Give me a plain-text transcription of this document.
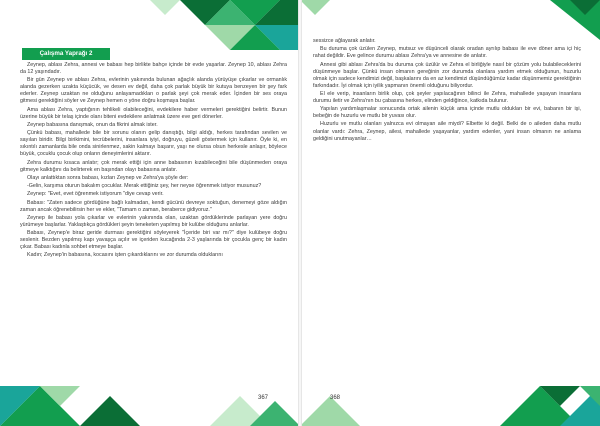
Çalışma Yaprağı 2

Zeynep, ablası Zehra, annesi ve babası hep birlikte bahçe içinde bir evde yaşarlar. Zeynep 10, ablası Zehra da 12 yaşındadır.

Bir gün Zeynep ve ablası Zehra, evlerinin yakınında bulunan ağaçlık alanda yürüyüşe çıkarlar ve ormanlık alanda gezerken uzakta küçücük, ve desen ev değil, daha çok parlak büyük bir kutuya benzeyen bir şey fark ederler. Zeynep uzaktan ne olduğunu anlayamadıkları o parlak şeyi çok merak eder. İçinden bir ses oraya gitmesi gerektiğini söyler ve Zeynep hemen o yöne doğru koşmaya başlar.

Ama ablası Zehra, yaptığının tehlikeli olabileceğini, evdekilere haber vermeleri gerektiğini belirtir. Bunun üzerine büyük bir telaş içinde olanı biteni evdekilere anlatmak üzere eve geri dönerler.

Zeynep babasına danışmak, onun da fikrini almak ister.

Çünkü babası, mahallede bile bir sorunu olanın gelip danıştığı, bilgi aldığı, herkes tarafından sevilen ve sayılan biridir. Bilgi birikimini, tecrübelerini, insanlara iyiyi, doğruyu, güzeli göstermek için kullanır. Öyle ki, en sıkıntılı zamanlarda bile onda sinirlenmez, sakin kalmayı başarır, yaşı ne olursa olsun herkesle anlaşır, böylece büyük, çocuklu çocuk olup onların deneyimlerini aktarır.

Zehra durumu kısaca anlatır; çok merak ettiği için anne babasının kızabileceğini bile düşünmeden oraya gitmeye kalktığını da belirterek en başından olayı babasına anlatır.

Olayı anlattıktan sonra babası, kızları Zeynep ve Zehra'ya şöyle der:

-Gelin, karşıma oturun bakalım çocuklar. Merak ettiğiniz şey, her neyse öğrenmek istiyor musunuz?

Zeynep: "Evet, evet öğrenmek istiyorum "diye cevap verir.

Babası: "Zaten sadece gördüğüne bağlı kalmadan, kendi gücünü devreye soktuğun, denemeyi göze aldığın zaman ancak öğrenebilirsin her ve ekler, "Tamam o zaman, beraberce gidiyoruz."

Zeynep ile babası yola çıkarlar ve evlerinin yakınında olan, uzaktan gördüklerinde parlayan yere doğru yürümeye başlarlar. Yaklaştıkça gördükleri şeyin teneketen yapılmış bir kulübe olduğunu anlarlar.

Babası, Zeynep'e biraz geride durması gerektiğini söyleyerek "İçeride biri var mı?" diye kulübeye doğru seslenir. Bezden yapılmış kapı yavaşça açılır ve içeriden kucağında 2-3 yaşlarında bir çocukla genç bir kadın çıkar. Babası kadınla sohbet etmeye başlar.

Kadın; Zeynep'in babasına, kocasını işten çıkardıklarını ve zor durumda olduklarını

sessizce ağlayarak anlatır.

Bu duruma çok üzülen Zeynep, mutsuz ve düşünceli olarak oradan ayrılıp babası ile eve döner ama içi hiç rahat değildir. Eve gelince durumu ablası Zehra'ya ve annesine de anlatır.

Annesi gibi ablası Zehra'da bu duruma çok üzülür ve Zehra el birliğiyle nasıl bir çözüm yolu bulabileceklerini düşünmeye başlar. Çünkü insan olmanın gereğinin zor durumda olanlara yardım etmek olduğunun, huzurlu olmak için sadece kendimizi değil, başkalarını da en az kendimizi düşündüğümüz kadar düşünmemiz gerektiğinin farkındadır. İyi olmak için iyilik yapmanın önemli olduğunu biliyordur.

El ele verip, insanların birlik olup, çok şeyler yapılacağının bilinci ile Zehra, mahallede yaşayan insanlara durumu iletir ve Zehra'nın bu çabasına herkes, elinden geldiğince, katkıda bulunur.

Yapılan yardımlaşmalar sonucunda ortak ailenin küçük ama içinde mutlu oldukları bir evi, babanın bir işi, bebeğin de huzurlu ve mutlu bir yuvası olur.

Huzurlu ve mutlu olanları yalnızca evi olmayan aile miydi? Elbette ki değil. Belki de o aileden daha mutlu olanlar vardı: Zehra, Zeynep, ailesi, mahallede yaşayanlar, yardım edenler, yani insan olmanın ne anlama geldiğini unutmayanlar…

367	368
